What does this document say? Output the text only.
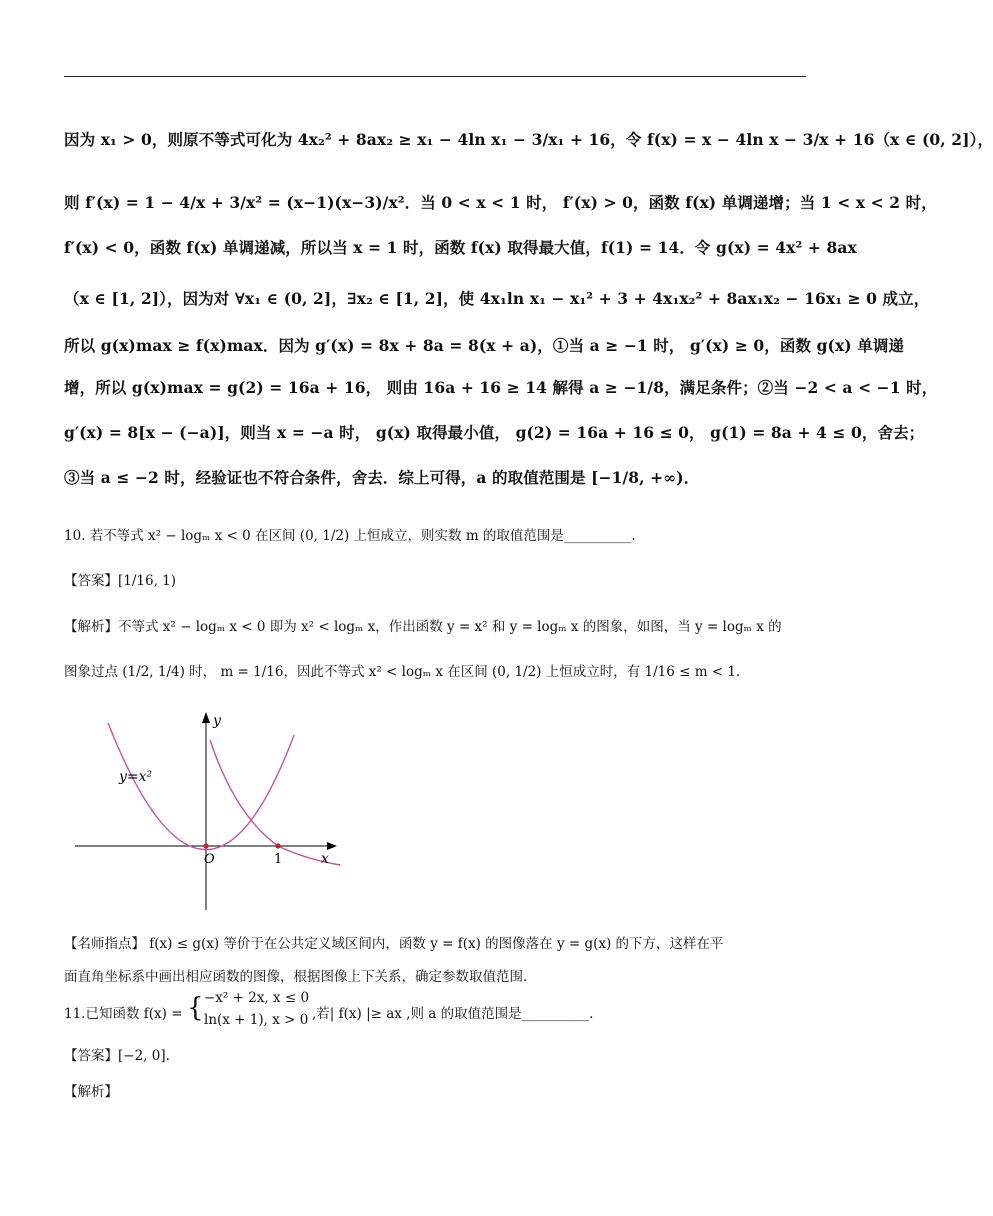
因为 x₁ > 0，则原不等式可化为 4x₂² + 8ax₂ ≥ x₁ − 4ln x₁ − 3/x₁ + 16，令 f(x) = x − 4ln x − 3/x + 16（x ∈ (0, 2]），
则 f′(x) = 1 − 4/x + 3/x² = (x−1)(x−3)/x²．当 0 < x < 1 时， f′(x) > 0，函数 f(x) 单调递增；当 1 < x < 2 时，
f′(x) < 0，函数 f(x) 单调递减，所以当 x = 1 时，函数 f(x) 取得最大值，f(1) = 14．令 g(x) = 4x² + 8ax
（x ∈ [1, 2]），因为对 ∀x₁ ∈ (0, 2]，∃x₂ ∈ [1, 2]，使 4x₁ln x₁ − x₁² + 3 + 4x₁x₂² + 8ax₁x₂ − 16x₁ ≥ 0 成立，
所以 g(x)max ≥ f(x)max．因为 g′(x) = 8x + 8a = 8(x + a)，①当 a ≥ −1 时， g′(x) ≥ 0，函数 g(x) 单调递
增，所以 g(x)max = g(2) = 16a + 16， 则由 16a + 16 ≥ 14 解得 a ≥ −1/8，满足条件；②当 −2 < a < −1 时，
g′(x) = 8[x − (−a)]，则当 x = −a 时， g(x) 取得最小值， g(2) = 16a + 16 ≤ 0， g(1) = 8a + 4 ≤ 0，舍去；
③当 a ≤ −2 时，经验证也不符合条件，舍去．综上可得，a 的取值范围是 [−1/8, +∞)．
10. 若不等式 x² − logₘ x < 0 在区间 (0, 1/2) 上恒成立，则实数 m 的取值范围是__________.
【答案】[1/16, 1)
【解析】不等式 x² − logₘ x < 0 即为 x² < logₘ x，作出函数 y = x² 和 y = logₘ x 的图象，如图，当 y = logₘ x 的
图象过点 (1/2, 1/4) 时， m = 1/16，因此不等式 x² < logₘ x 在区间 (0, 1/2) 上恒成立时，有 1/16 ≤ m < 1．
y
x
O	1
y=x²
【名师指点】 f(x) ≤ g(x) 等价于在公共定义域区间内，函数 y = f(x) 的图像落在 y = g(x) 的下方，这样在平
面直角坐标系中画出相应函数的图像，根据图像上下关系，确定参数取值范围．
11.已知函数 f(x) = { −x² + 2x, x ≤ 0
ln(x + 1), x > 0 ,若| f(x) |≥ ax ,则 a 的取值范围是__________.
【答案】[−2, 0].
【解析】
